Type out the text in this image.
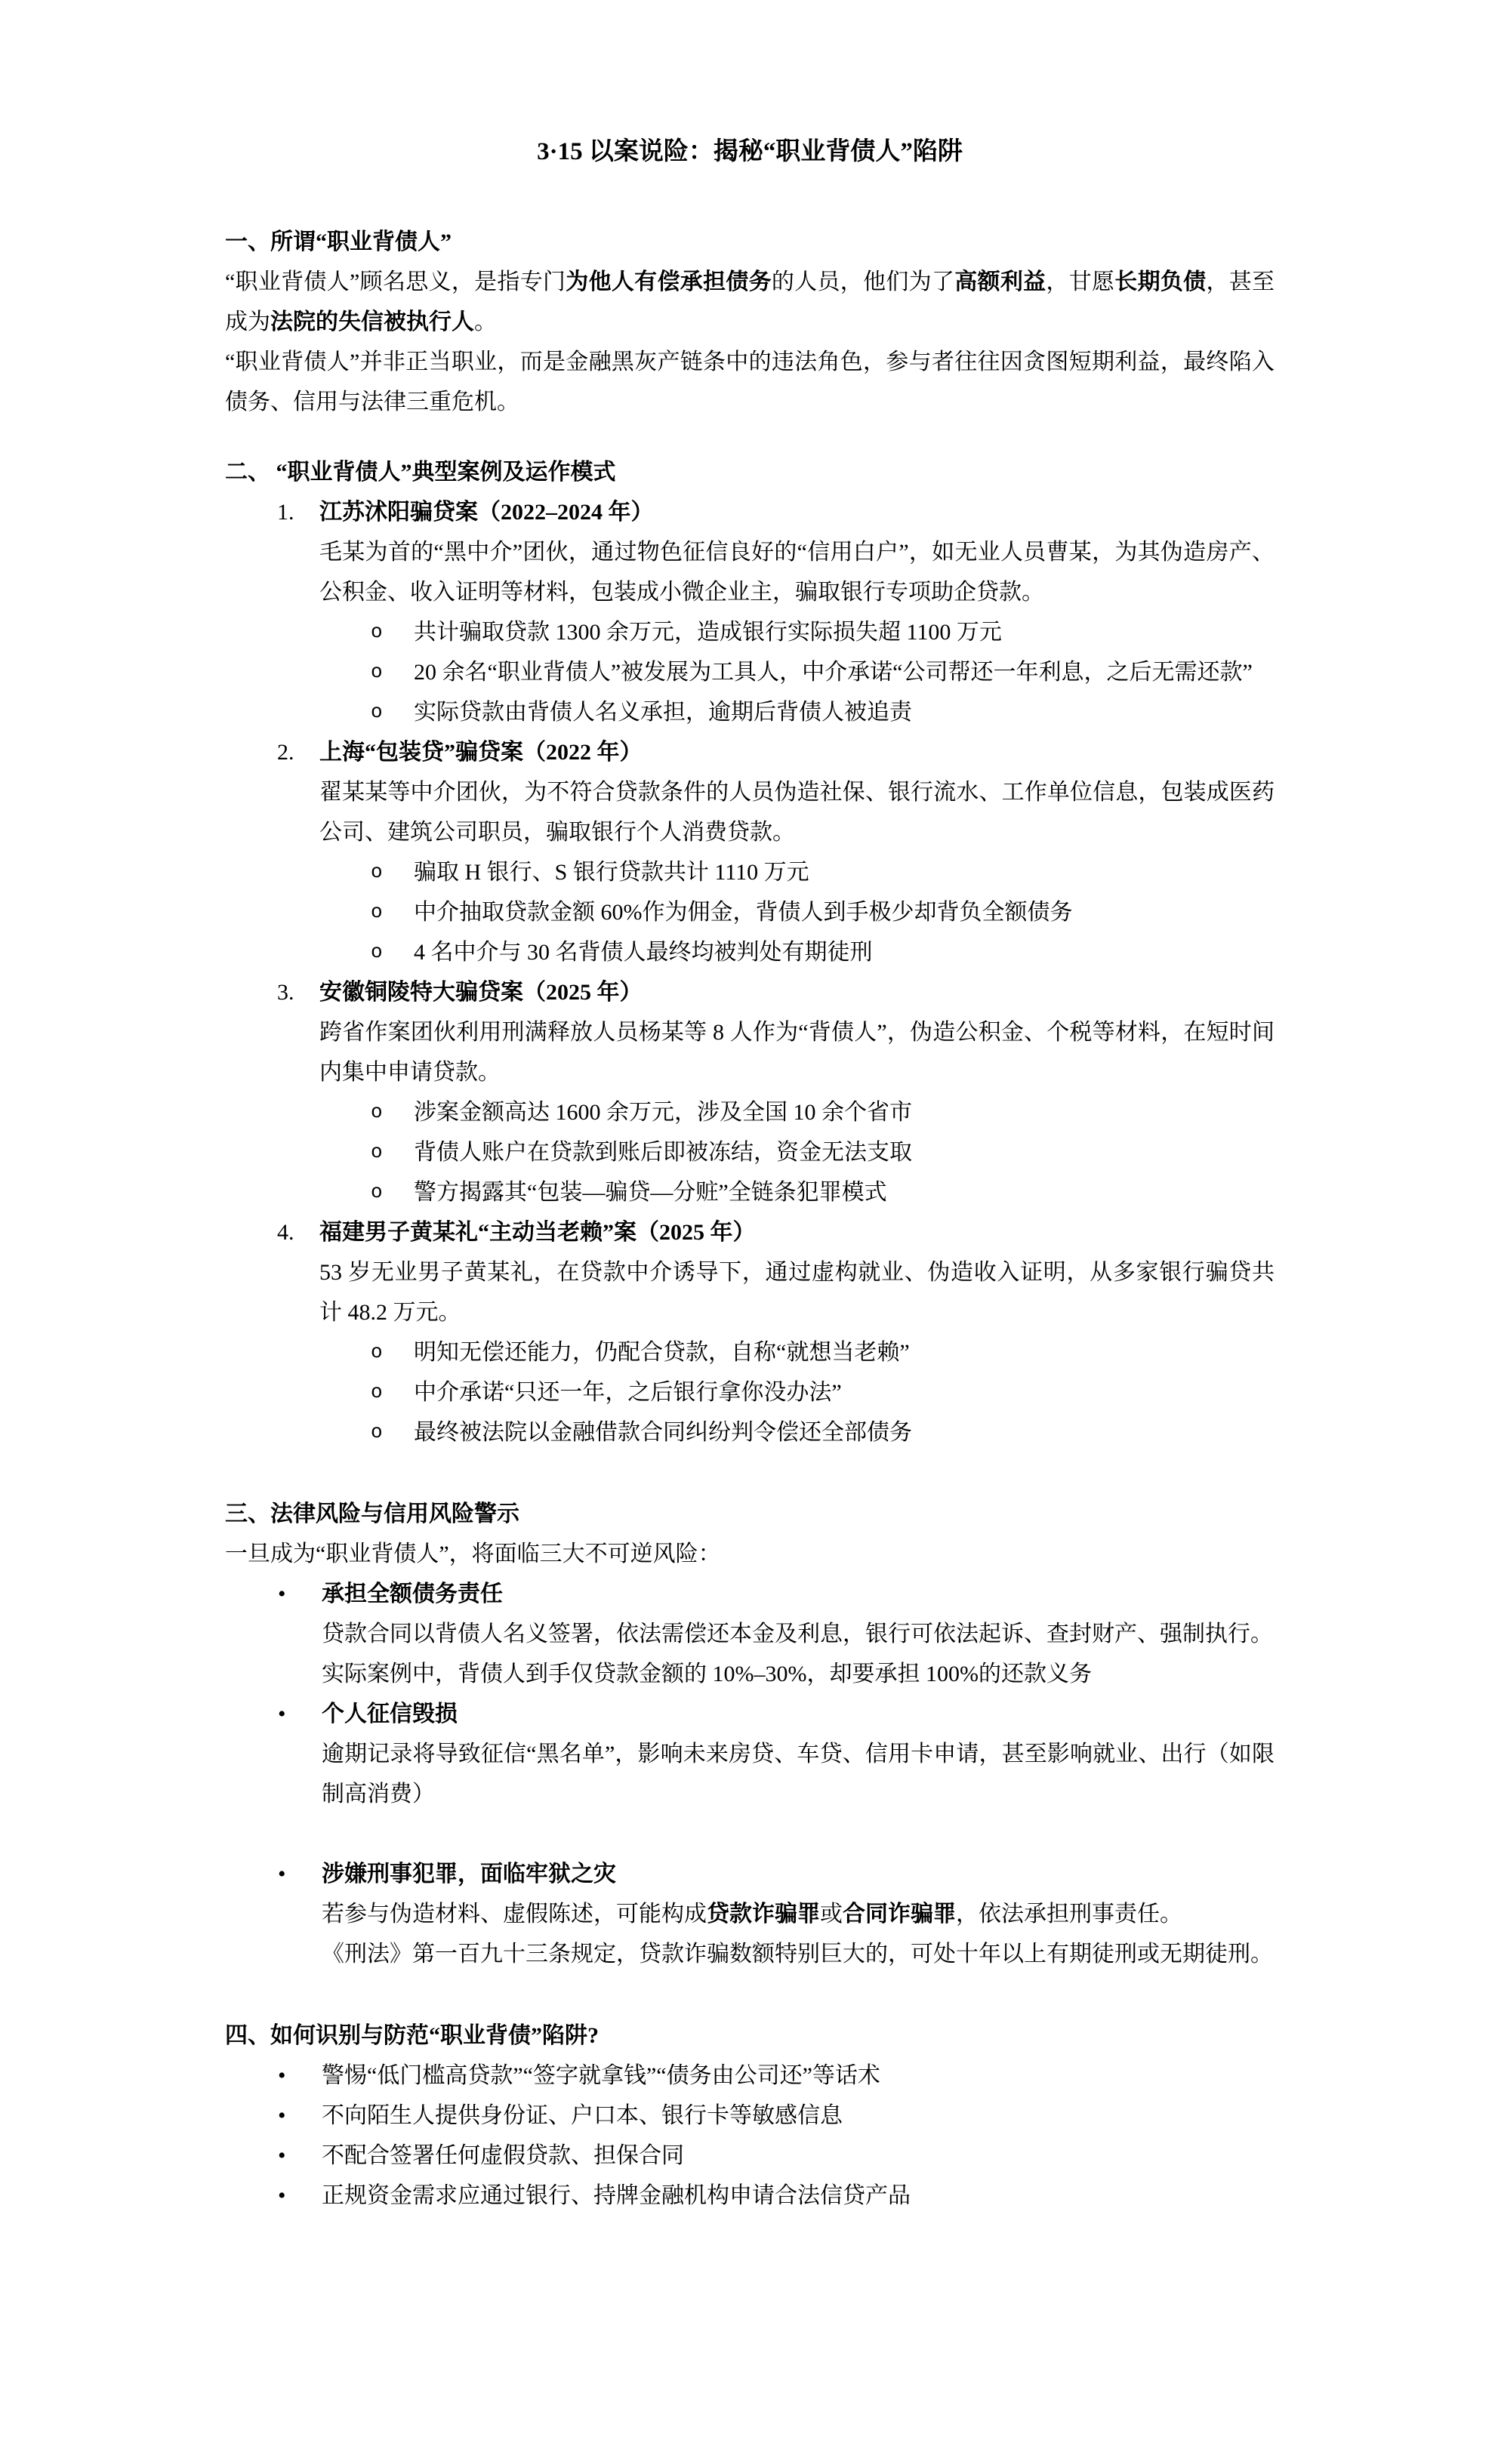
3·15 以案说险：揭秘“职业背债人”陷阱
一、所谓“职业背债人”

“职业背债人”顾名思义，是指专门为他人有偿承担债务的人员，他们为了高额利益，甘愿长期负债，甚至成为法院的失信被执行人。

“职业背债人”并非正当职业，而是金融黑灰产链条中的违法角色，参与者往往因贪图短期利益，最终陷入债务、信用与法律三重危机。

二、 “职业背债人”典型案例及运作模式
1.	江苏沭阳骗贷案（2022–2024 年）

毛某为首的“黑中介”团伙，通过物色征信良好的“信用白户”，如无业人员曹某，为其伪造房产、公积金、收入证明等材料，包装成小微企业主，骗取银行专项助企贷款。

o	共计骗取贷款 1300 余万元，造成银行实际损失超 1100 万元
o	20 余名“职业背债人”被发展为工具人，中介承诺“公司帮还一年利息，之后无需还款”
o	实际贷款由背债人名义承担，逾期后背债人被追责
2.	上海“包装贷”骗贷案（2022 年）

翟某某等中介团伙，为不符合贷款条件的人员伪造社保、银行流水、工作单位信息，包装成医药公司、建筑公司职员，骗取银行个人消费贷款。

o	骗取 H 银行、S 银行贷款共计 1110 万元
o	中介抽取贷款金额 60%作为佣金，背债人到手极少却背负全额债务
o	4 名中介与 30 名背债人最终均被判处有期徒刑
3.	安徽铜陵特大骗贷案（2025 年）

跨省作案团伙利用刑满释放人员杨某等 8 人作为“背债人”，伪造公积金、个税等材料，在短时间内集中申请贷款。

o	涉案金额高达 1600 余万元，涉及全国 10 余个省市
o	背债人账户在贷款到账后即被冻结，资金无法支取
o	警方揭露其“包装—骗贷—分赃”全链条犯罪模式
4.	福建男子黄某礼“主动当老赖”案（2025 年）

53 岁无业男子黄某礼，在贷款中介诱导下，通过虚构就业、伪造收入证明，从多家银行骗贷共计 48.2 万元。

o	明知无偿还能力，仍配合贷款，自称“就想当老赖”
o	中介承诺“只还一年，之后银行拿你没办法”
o	最终被法院以金融借款合同纠纷判令偿还全部债务
三、法律风险与信用风险警示

一旦成为“职业背债人”，将面临三大不可逆风险：

•	承担全额债务责任

贷款合同以背债人名义签署，依法需偿还本金及利息，银行可依法起诉、查封财产、强制执行。

实际案例中，背债人到手仅贷款金额的 10%–30%，却要承担 100%的还款义务

•	个人征信毁损

逾期记录将导致征信“黑名单”，影响未来房贷、车贷、信用卡申请，甚至影响就业、出行（如限制高消费）

•	涉嫌刑事犯罪，面临牢狱之灾

若参与伪造材料、虚假陈述，可能构成贷款诈骗罪或合同诈骗罪，依法承担刑事责任。

《刑法》第一百九十三条规定，贷款诈骗数额特别巨大的，可处十年以上有期徒刑或无期徒刑。

四、如何识别与防范“职业背债”陷阱?
•	警惕“低门槛高贷款”“签字就拿钱”“债务由公司还”等话术
•	不向陌生人提供身份证、户口本、银行卡等敏感信息
•	不配合签署任何虚假贷款、担保合同
•	正规资金需求应通过银行、持牌金融机构申请合法信贷产品
